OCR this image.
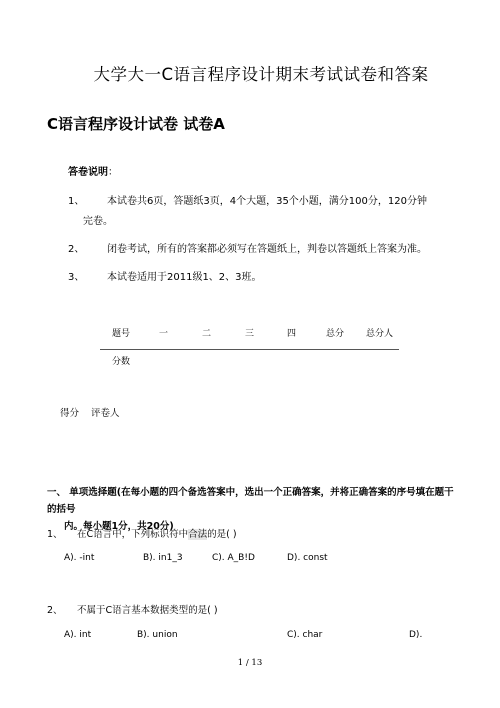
大学大一C语言程序设计期末考试试卷和答案
C语言程序设计试卷 试卷A
答卷说明：
1、 本试卷共6页，答题纸3页，4个大题，35个小题，满分100分，120分钟
完卷。
2、 闭卷考试，所有的答案都必须写在答题纸上，判卷以答题纸上答案为准。
3、 本试卷适用于2011级1、2、3班。
题号	一	二	三	四	总分 总分人
分数
得分 评卷人
一、 单项选择题(在每小题的四个备选答案中，选出一个正确答案，并将正确答案的序号填在题干的括号
内。每小题1分，共20分)
1、 在C语言中，下列标识符中合法的是( )
A). -int	B). in1_3	C). A_B!D	D). const
2、 不属于C语言基本数据类型的是( )
A). int	B). union	C). char	D).
1 / 13
